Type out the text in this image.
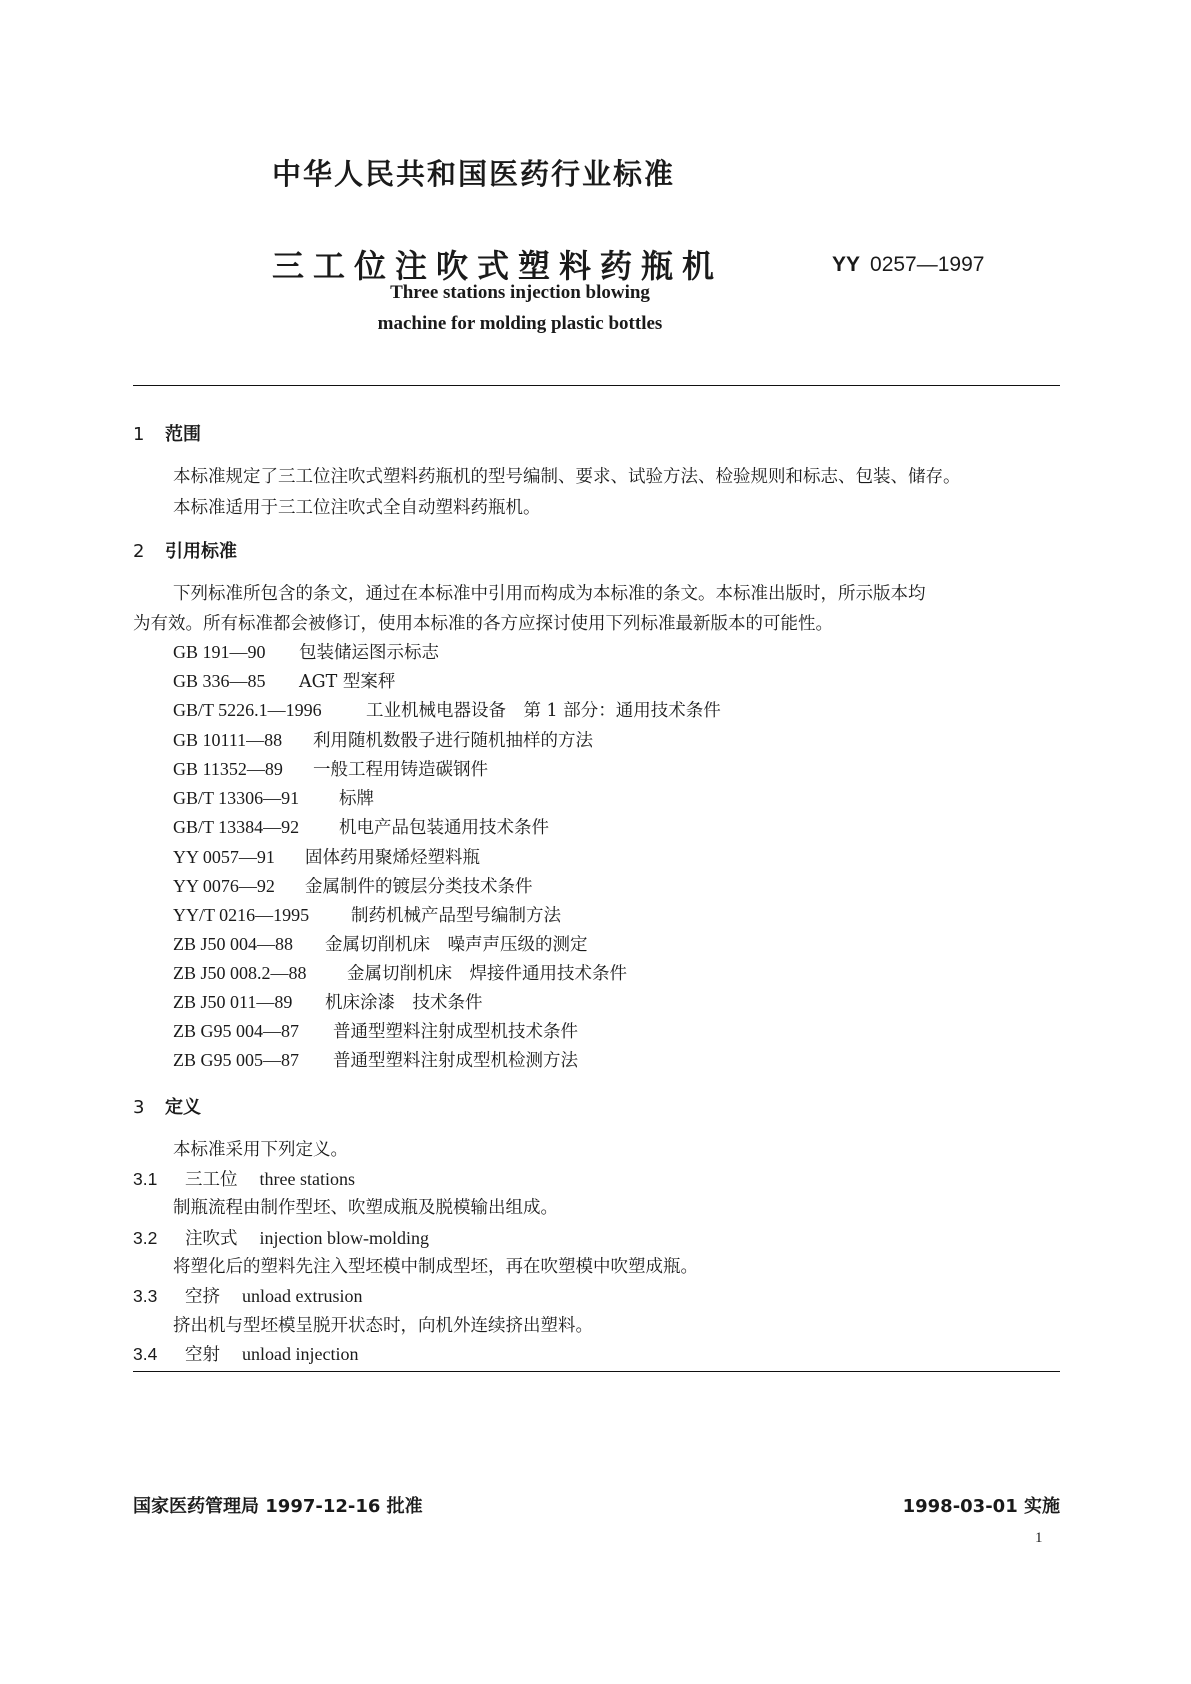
中华人民共和国医药行业标准
三工位注吹式塑料药瓶机	YY 0257—1997
Three stations injection blowing
machine for molding plastic bottles
1 范围
本标准规定了三工位注吹式塑料药瓶机的型号编制、要求、试验方法、检验规则和标志、包装、储存。
本标准适用于三工位注吹式全自动塑料药瓶机。
2 引用标准
下列标准所包含的条文，通过在本标准中引用而构成为本标准的条文。本标准出版时，所示版本均
为有效。所有标准都会被修订，使用本标准的各方应探讨使用下列标准最新版本的可能性。
GB 191—90 包装储运图示标志
GB 336—85 AGT 型案秤
GB/T 5226.1—1996	工业机械电器设备　第 1 部分：通用技术条件
GB 10111—88 利用随机数骰子进行随机抽样的方法
GB 11352—89 一般工程用铸造碳钢件
GB/T 13306—91 标牌
GB/T 13384—92 机电产品包装通用技术条件
YY 0057—91 固体药用聚烯烃塑料瓶
YY 0076—92 金属制件的镀层分类技术条件
YY/T 0216—1995 制药机械产品型号编制方法
ZB J50 004—88 金属切削机床　噪声声压级的测定
ZB J50 008.2—88 金属切削机床　焊接件通用技术条件
ZB J50 011—89 机床涂漆　技术条件
ZB G95 004—87 普通型塑料注射成型机技术条件
ZB G95 005—87 普通型塑料注射成型机检测方法
3 定义
本标准采用下列定义。
3.1 三工位 three stations
制瓶流程由制作型坯、吹塑成瓶及脱模输出组成。
3.2 注吹式 injection blow-molding
将塑化后的塑料先注入型坯模中制成型坯，再在吹塑模中吹塑成瓶。
3.3 空挤 unload extrusion
挤出机与型坯模呈脱开状态时，向机外连续挤出塑料。
3.4 空射 unload injection
国家医药管理局 1997-12-16 批准	1998-03-01 实施
1
